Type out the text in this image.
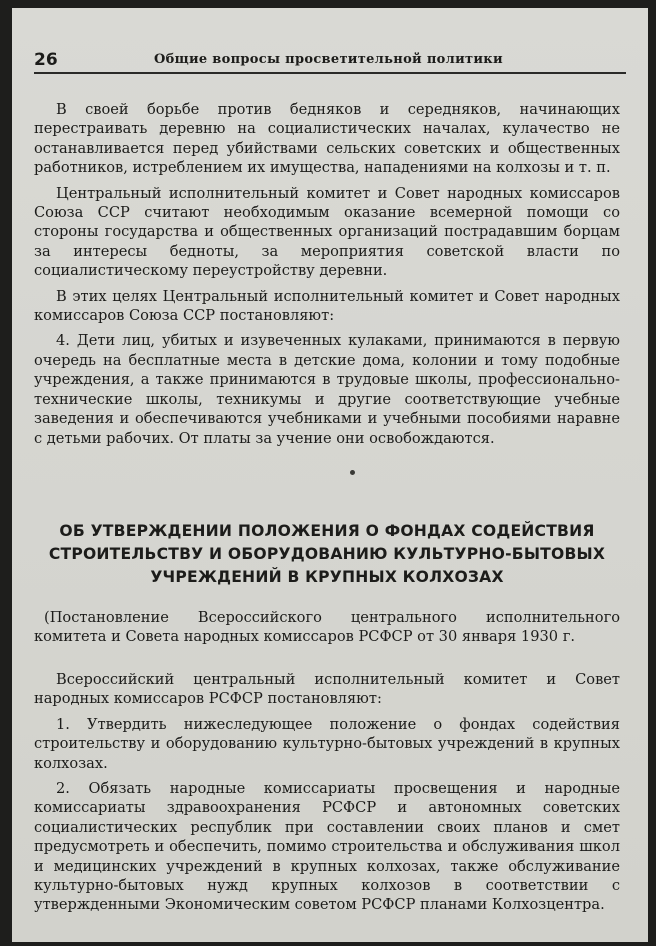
26	Общие вопросы просветительной политики

В своей борьбе против бедняков и середняков, начинающих перестраивать деревню на социалистических началах, кулачество не останавливается перед убийствами сельских советских и общественных работников, истреблением их имущества, нападениями на колхозы и т. п.

Центральный исполнительный комитет и Совет народных комиссаров Союза ССР считают необходимым оказание всемерной помощи со стороны государства и общественных организаций пострадавшим борцам за интересы бедноты, за мероприятия советской власти по социалистическому переустройству деревни.

В этих целях Центральный исполнительный комитет и Совет народных комиссаров Союза ССР постановляют:

4. Дети лиц, убитых и изувеченных кулаками, принимаются в первую очередь на бесплатные места в детские дома, колонии и тому подобные учреждения, а также принимаются в трудовые школы, профессионально-технические школы, техникумы и другие соответствующие учебные заведения и обеспечиваются учебниками и учебными пособиями наравне с детьми рабочих. От платы за учение они освобождаются.

ОБ УТВЕРЖДЕНИИ ПОЛОЖЕНИЯ О ФОНДАХ СОДЕЙСТВИЯ
СТРОИТЕЛЬСТВУ И ОБОРУДОВАНИЮ КУЛЬТУРНО-БЫТОВЫХ
УЧРЕЖДЕНИЙ В КРУПНЫХ КОЛХОЗАХ

(Постановление Всероссийского центрального исполнительного комитета и Совета народных комиссаров РСФСР от 30 января 1930 г.

Всероссийский центральный исполнительный комитет и Совет народных комиссаров РСФСР постановляют:

1. Утвердить нижеследующее положение о фондах содействия строительству и оборудованию культурно-бытовых учреждений в крупных колхозах.

2. Обязать народные комиссариаты просвещения и народные комиссариаты здравоохранения РСФСР и автономных советских социалистических республик при составлении своих планов и смет предусмотреть и обеспечить, помимо строительства и обслуживания школ и медицинских учреждений в крупных колхозах, также обслуживание культурно-бытовых нужд крупных колхозов в соответствии с утвержденными Экономическим советом РСФСР планами Колхозцентра.
